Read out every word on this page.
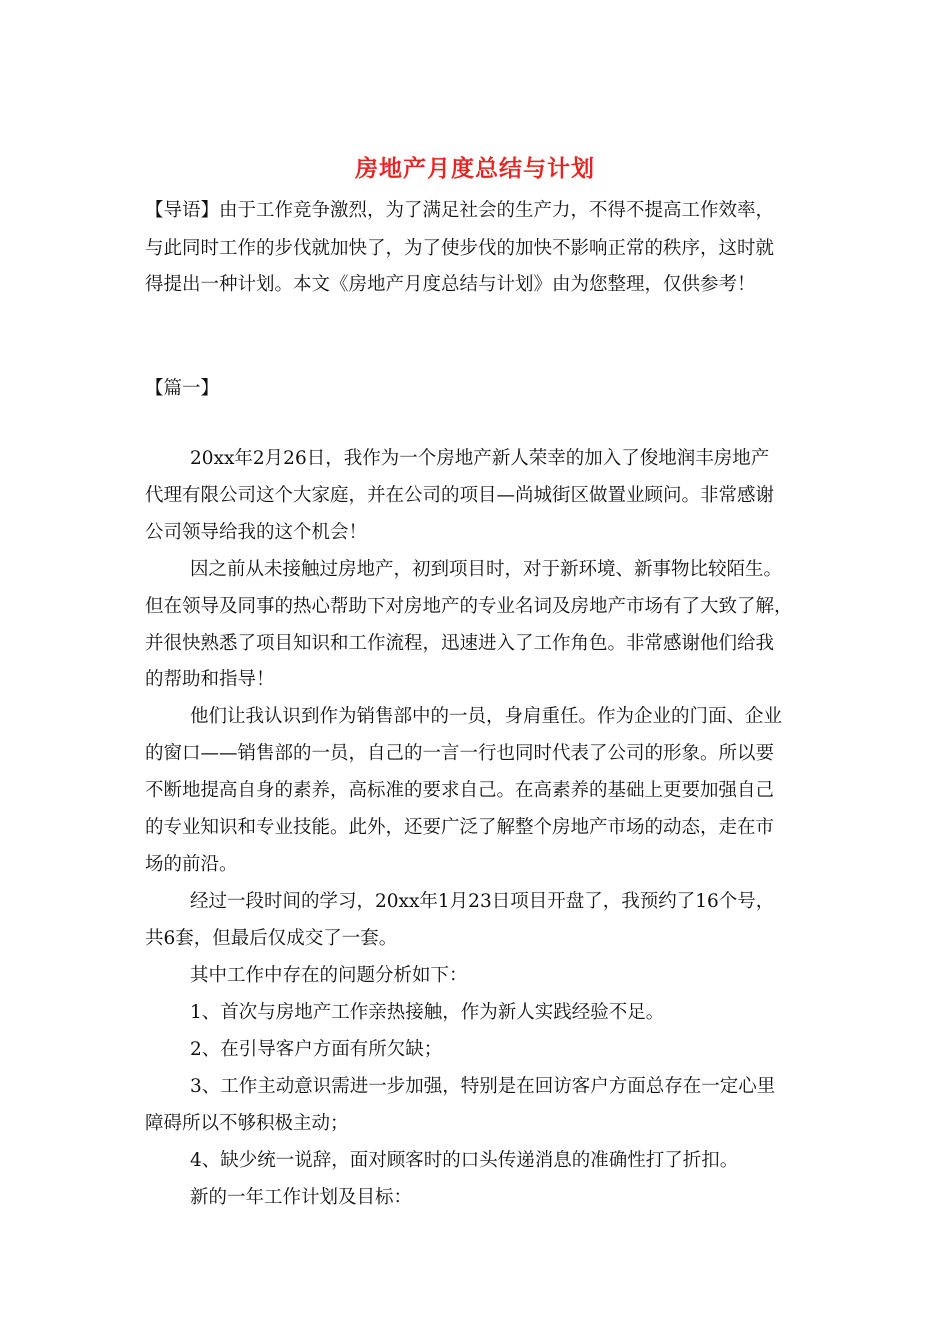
房地产月度总结与计划
【导语】由于工作竞争激烈，为了满足社会的生产力，不得不提高工作效率，
与此同时工作的步伐就加快了，为了使步伐的加快不影响正常的秩序，这时就
得提出一种计划。本文《房地产月度总结与计划》由为您整理，仅供参考！
【篇一】
20xx年2月26日，我作为一个房地产新人荣幸的加入了俊地润丰房地产
代理有限公司这个大家庭，并在公司的项目—尚城街区做置业顾问。非常感谢
公司领导给我的这个机会！
因之前从未接触过房地产，初到项目时，对于新环境、新事物比较陌生。
但在领导及同事的热心帮助下对房地产的专业名词及房地产市场有了大致了解，
并很快熟悉了项目知识和工作流程，迅速进入了工作角色。非常感谢他们给我
的帮助和指导！
他们让我认识到作为销售部中的一员，身肩重任。作为企业的门面、企业
的窗口——销售部的一员，自己的一言一行也同时代表了公司的形象。所以要
不断地提高自身的素养，高标准的要求自己。在高素养的基础上更要加强自己
的专业知识和专业技能。此外，还要广泛了解整个房地产市场的动态，走在市
场的前沿。
经过一段时间的学习，20xx年1月23日项目开盘了，我预约了16个号，
共6套，但最后仅成交了一套。
其中工作中存在的问题分析如下：
1、首次与房地产工作亲热接触，作为新人实践经验不足。
2、在引导客户方面有所欠缺；
3、工作主动意识需进一步加强，特别是在回访客户方面总存在一定心里
障碍所以不够积极主动；
4、缺少统一说辞，面对顾客时的口头传递消息的准确性打了折扣。
新的一年工作计划及目标：
